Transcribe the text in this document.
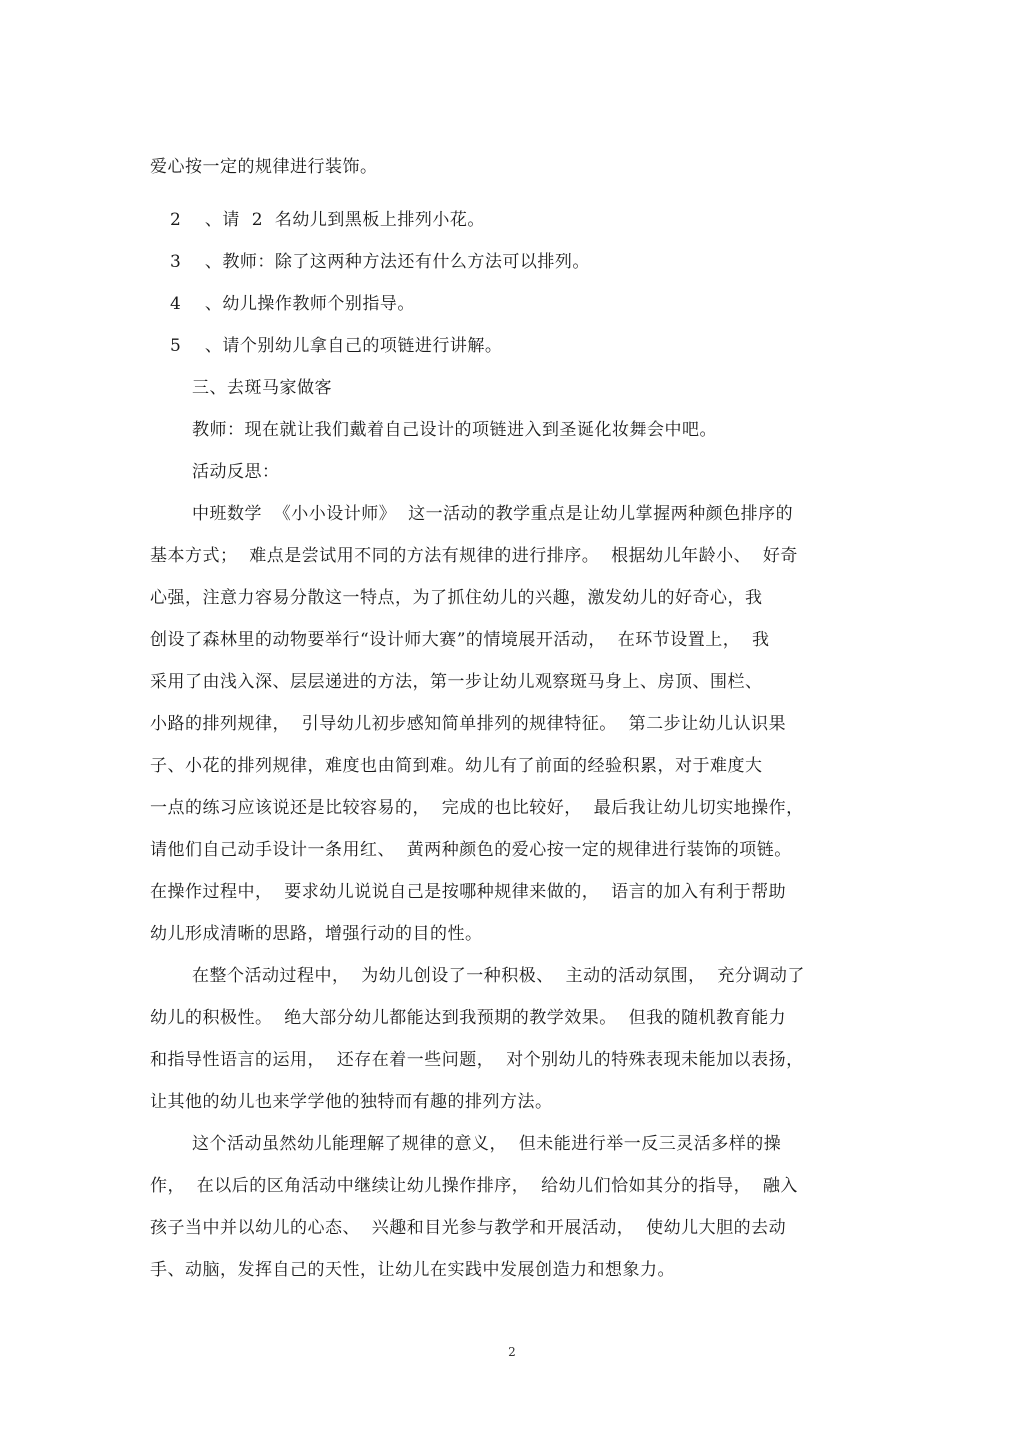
爱心按一定的规律进行装饰。
2    、请  2  名幼儿到黑板上排列小花。
3    、教师：除了这两种方法还有什么方法可以排列。
4    、幼儿操作教师个别指导。
5    、请个别幼儿拿自己的项链进行讲解。
三、去斑马家做客
教师：现在就让我们戴着自己设计的项链进入到圣诞化妆舞会中吧。
活动反思：
中班数学  《小小设计师》  这一活动的教学重点是让幼儿掌握两种颜色排序的
基本方式；  难点是尝试用不同的方法有规律的进行排序。  根据幼儿年龄小、  好奇
心强，注意力容易分散这一特点，为了抓住幼儿的兴趣，激发幼儿的好奇心，我
创设了森林里的动物要举行“设计师大赛”的情境展开活动，  在环节设置上，  我
采用了由浅入深、层层递进的方法，第一步让幼儿观察斑马身上、房顶、围栏、
小路的排列规律，  引导幼儿初步感知简单排列的规律特征。  第二步让幼儿认识果
子、小花的排列规律，难度也由简到难。幼儿有了前面的经验积累，对于难度大
一点的练习应该说还是比较容易的，  完成的也比较好，  最后我让幼儿切实地操作，
请他们自己动手设计一条用红、  黄两种颜色的爱心按一定的规律进行装饰的项链。
在操作过程中，  要求幼儿说说自己是按哪种规律来做的，  语言的加入有利于帮助
幼儿形成清晰的思路，增强行动的目的性。
在整个活动过程中，  为幼儿创设了一种积极、  主动的活动氛围，  充分调动了
幼儿的积极性。  绝大部分幼儿都能达到我预期的教学效果。  但我的随机教育能力
和指导性语言的运用，  还存在着一些问题，  对个别幼儿的特殊表现未能加以表扬，
让其他的幼儿也来学学他的独特而有趣的排列方法。
这个活动虽然幼儿能理解了规律的意义，  但未能进行举一反三灵活多样的操
作，  在以后的区角活动中继续让幼儿操作排序，  给幼儿们恰如其分的指导，  融入
孩子当中并以幼儿的心态、  兴趣和目光参与教学和开展活动，  使幼儿大胆的去动
手、动脑，发挥自己的天性，让幼儿在实践中发展创造力和想象力。
2
